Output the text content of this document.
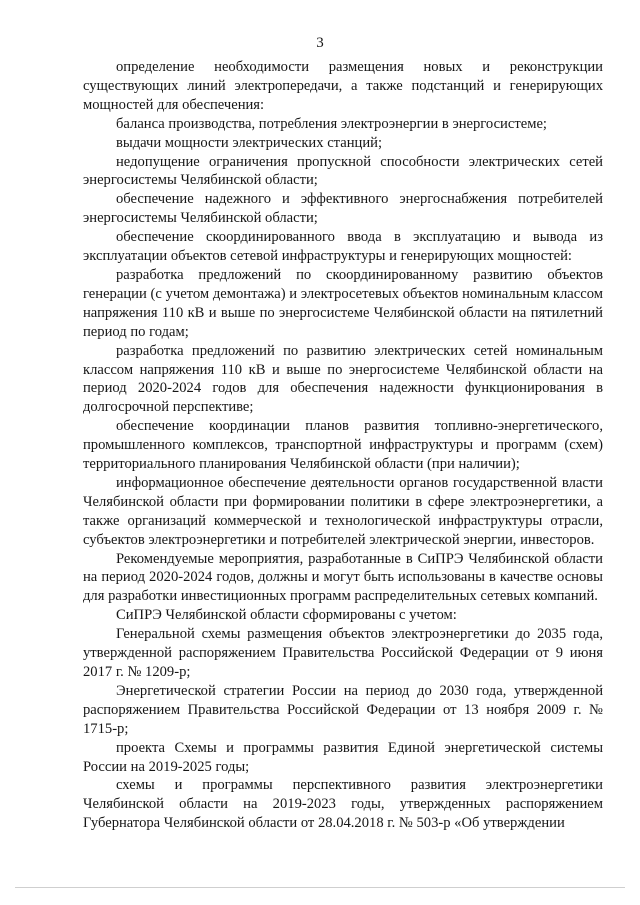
3

определение необходимости размещения новых и реконструкции существующих линий электропередачи, а также подстанций и генерирующих мощностей для обеспечения:

баланса производства, потребления электроэнергии в энергосистеме;

выдачи мощности электрических станций;

недопущение ограничения пропускной способности электрических сетей энергосистемы Челябинской области;

обеспечение надежного и эффективного энергоснабжения потребителей энергосистемы Челябинской области;

обеспечение скоординированного ввода в эксплуатацию и вывода из эксплуатации объектов сетевой инфраструктуры и генерирующих мощностей:

разработка предложений по скоординированному развитию объектов генерации (с учетом демонтажа) и электросетевых объектов номинальным классом напряжения 110 кВ и выше по энергосистеме Челябинской области на пятилетний период по годам;

разработка предложений по развитию электрических сетей номинальным классом напряжения 110 кВ и выше по энергосистеме Челябинской области на период 2020-2024 годов для обеспечения надежности функционирования в долгосрочной перспективе;

обеспечение координации планов развития топливно-энергетического, промышленного комплексов, транспортной инфраструктуры и программ (схем) территориального планирования Челябинской области (при наличии);

информационное обеспечение деятельности органов государственной власти Челябинской области при формировании политики в сфере электроэнергетики, а также организаций коммерческой и технологической инфраструктуры отрасли, субъектов электроэнергетики и потребителей электрической энергии, инвесторов.

Рекомендуемые мероприятия, разработанные в СиПРЭ Челябинской области на период 2020-2024 годов, должны и могут быть использованы в качестве основы для разработки инвестиционных программ распределительных сетевых компаний.

СиПРЭ Челябинской области сформированы с учетом:

Генеральной схемы размещения объектов электроэнергетики до 2035 года, утвержденной распоряжением Правительства Российской Федерации от 9 июня 2017 г. № 1209-р;

Энергетической стратегии России на период до 2030 года, утвержденной распоряжением Правительства Российской Федерации от 13 ноября 2009 г. № 1715-р;

проекта Схемы и программы развития Единой энергетической системы России на 2019-2025 годы;

схемы и программы перспективного развития электроэнергетики Челябинской области на 2019-2023 годы, утвержденных распоряжением Губернатора Челябинской области от 28.04.2018 г. № 503-р «Об утверждении
